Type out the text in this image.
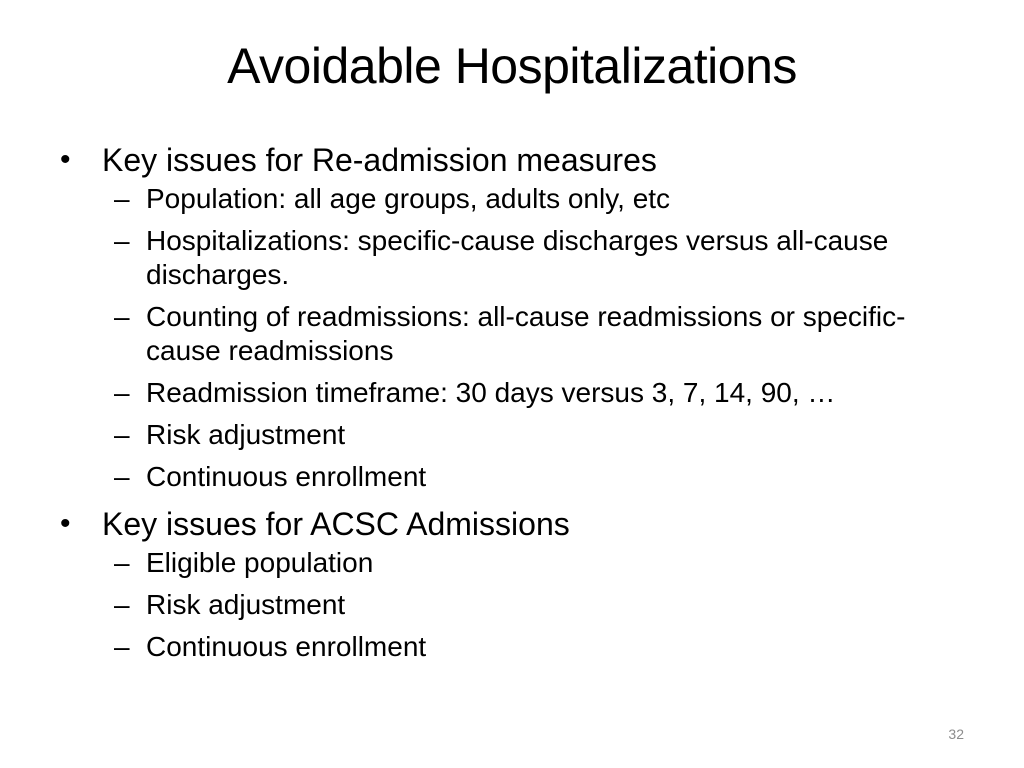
Avoidable Hospitalizations
• Key issues for Re-admission measures
– Population: all age groups, adults only, etc
– Hospitalizations: specific-cause discharges versus all-cause discharges.
– Counting of readmissions: all-cause readmissions or specific-cause readmissions
– Readmission timeframe: 30 days versus 3, 7, 14, 90, …
– Risk adjustment
– Continuous enrollment
• Key issues for ACSC Admissions
– Eligible population
– Risk adjustment
– Continuous enrollment
32
